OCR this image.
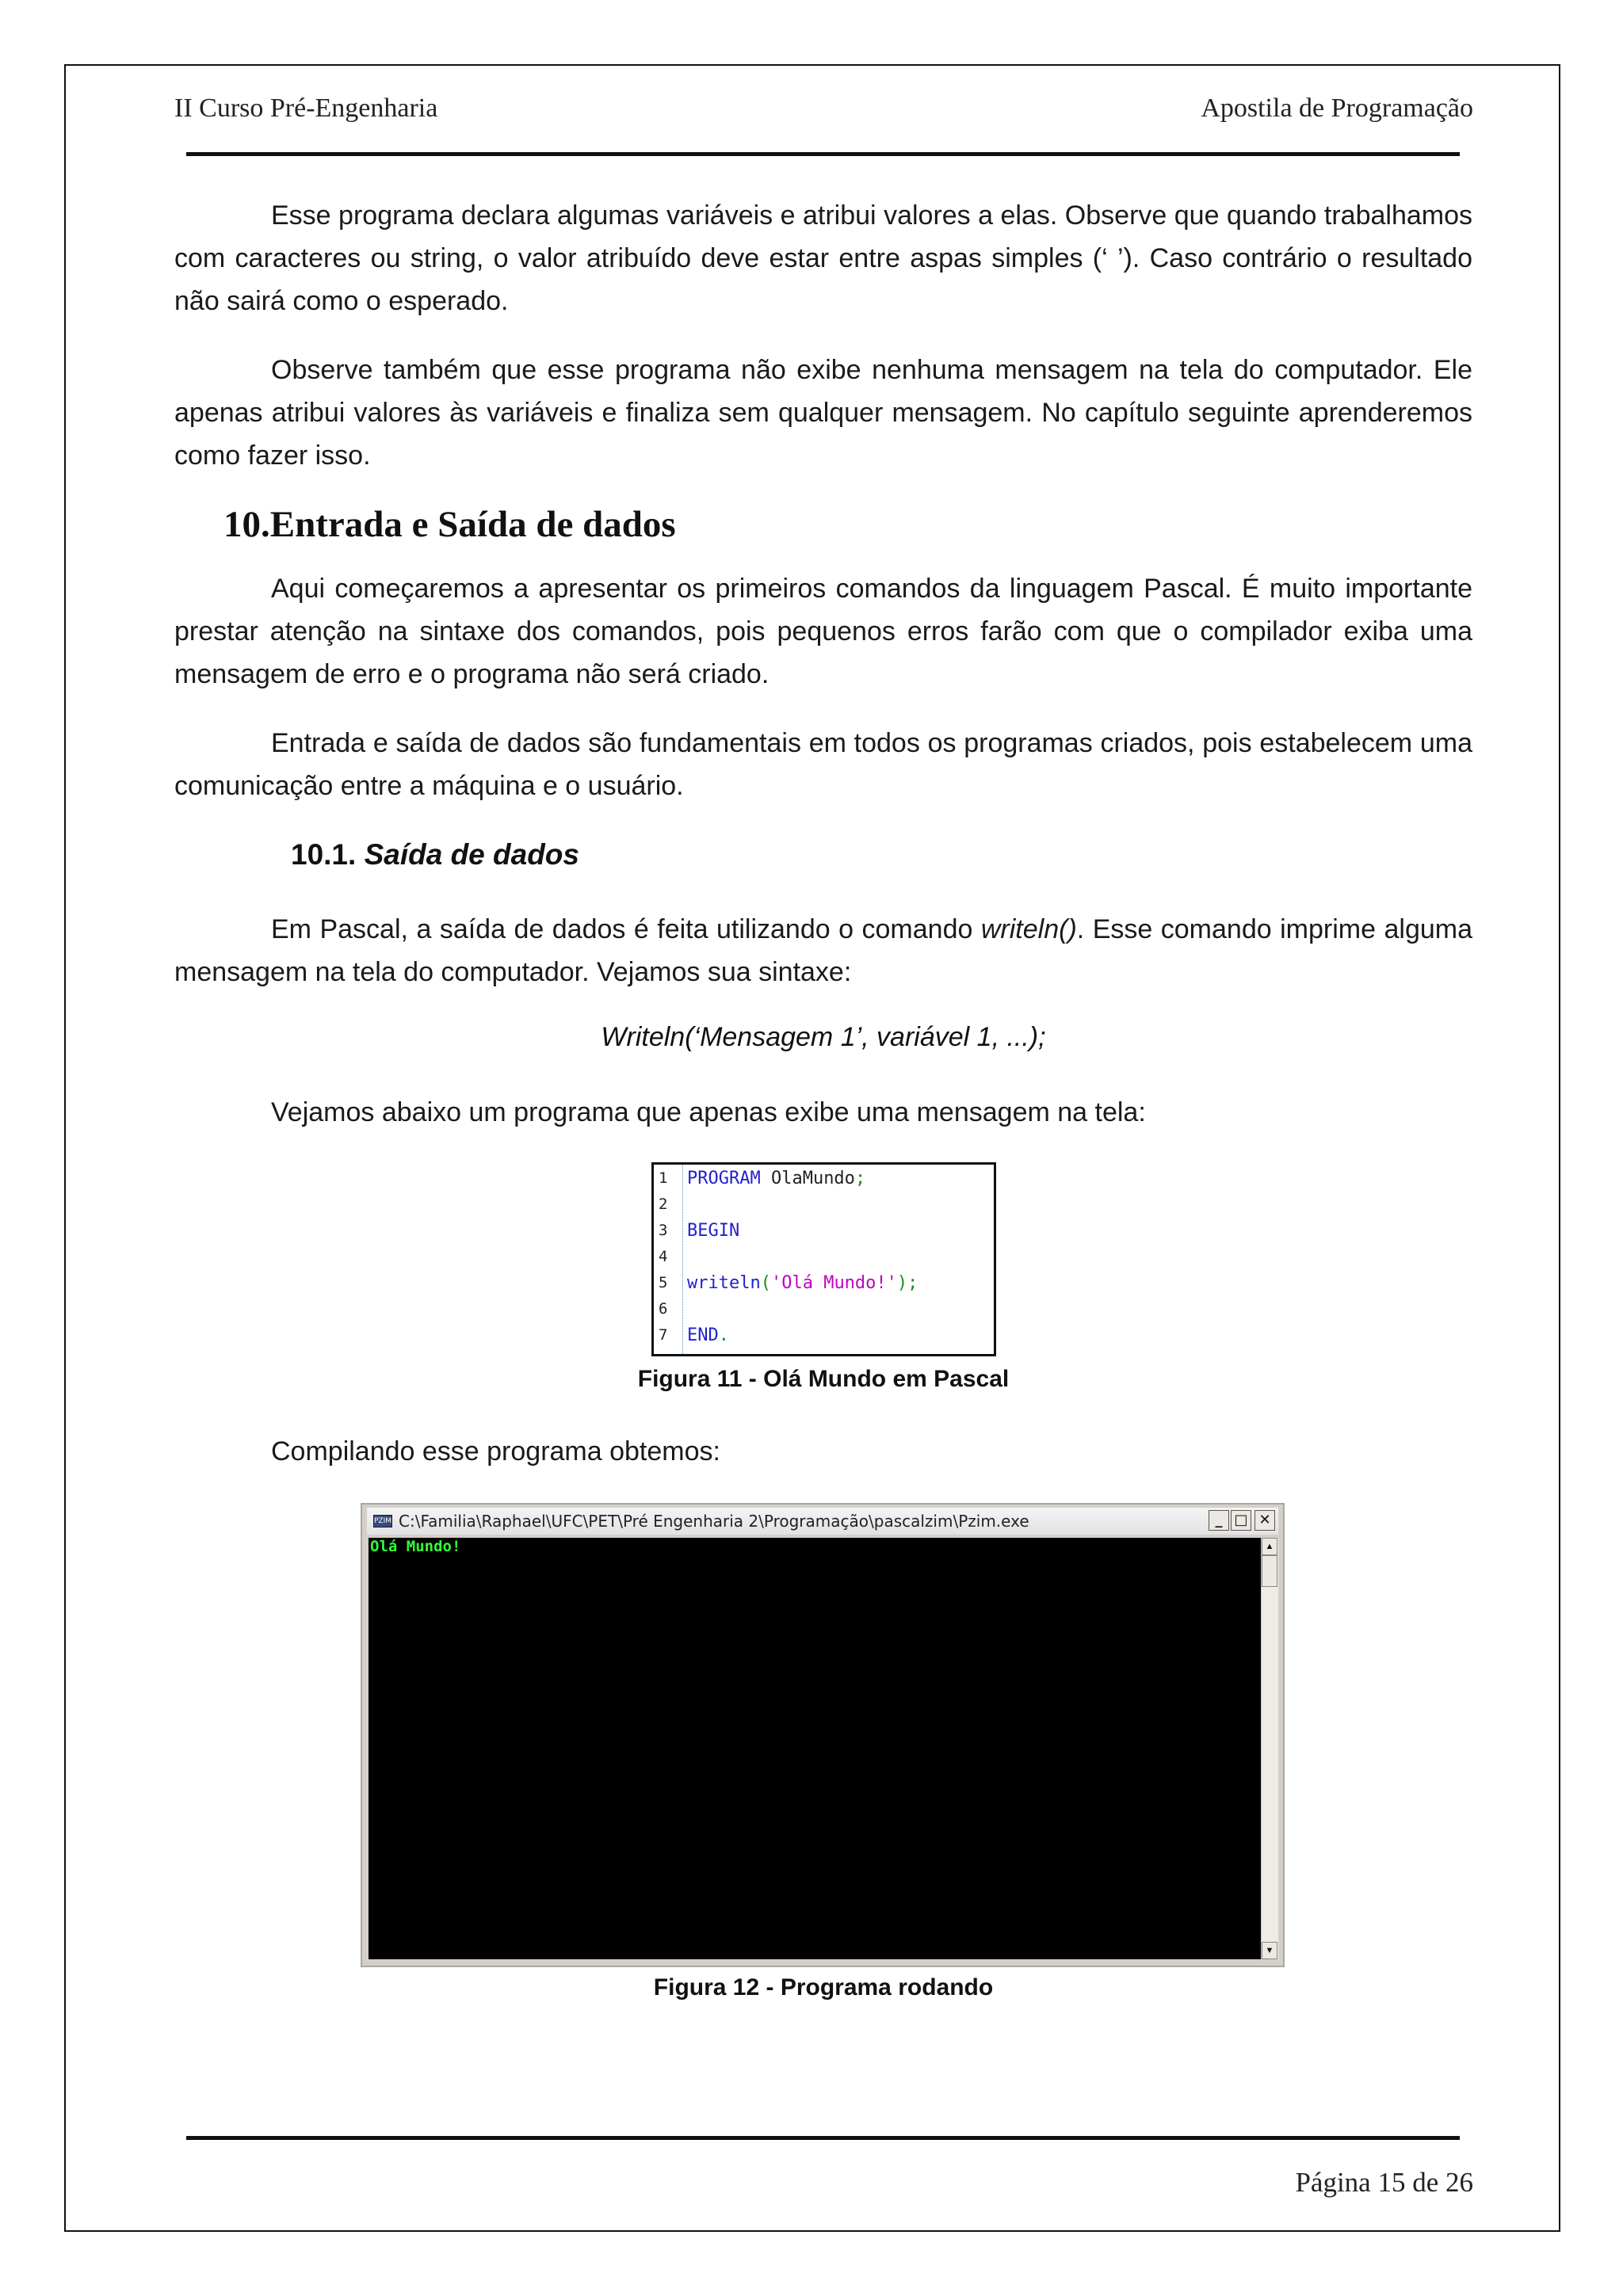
II Curso Pré-Engenharia	Apostila de Programação
Esse programa declara algumas variáveis e atribui valores a elas. Observe que quando trabalhamos com caracteres ou string, o valor atribuído deve estar entre aspas simples (‘ ’). Caso contrário o resultado não sairá como o esperado.
Observe também que esse programa não exibe nenhuma mensagem na tela do computador. Ele apenas atribui valores às variáveis e finaliza sem qualquer mensagem. No capítulo seguinte aprenderemos como fazer isso.
10.Entrada e Saída de dados
Aqui começaremos a apresentar os primeiros comandos da linguagem Pascal. É muito importante prestar atenção na sintaxe dos comandos, pois pequenos erros farão com que o compilador exiba uma mensagem de erro e o programa não será criado.
Entrada e saída de dados são fundamentais em todos os programas criados, pois estabelecem uma comunicação entre a máquina e o usuário.
10.1. Saída de dados
Em Pascal, a saída de dados é feita utilizando o comando writeln(). Esse comando imprime alguma mensagem na tela do computador. Vejamos sua sintaxe:
Writeln(‘Mensagem 1’, variável 1, ...);
Vejamos abaixo um programa que apenas exibe uma mensagem na tela:
1 PROGRAM OlaMundo;
2
3 BEGIN
4
5 writeln('Olá Mundo!');
6
7 END.
Figura 11 - Olá Mundo em Pascal
Compilando esse programa obtemos:
PZIM C:\Familia\Raphael\UFC\PET\Pré Engenharia 2\Programação\pascalzim\Pzim.exe	_ □ ✕
Olá Mundo!	▲
▼
Figura 12 - Programa rodando
Página 15 de 26
